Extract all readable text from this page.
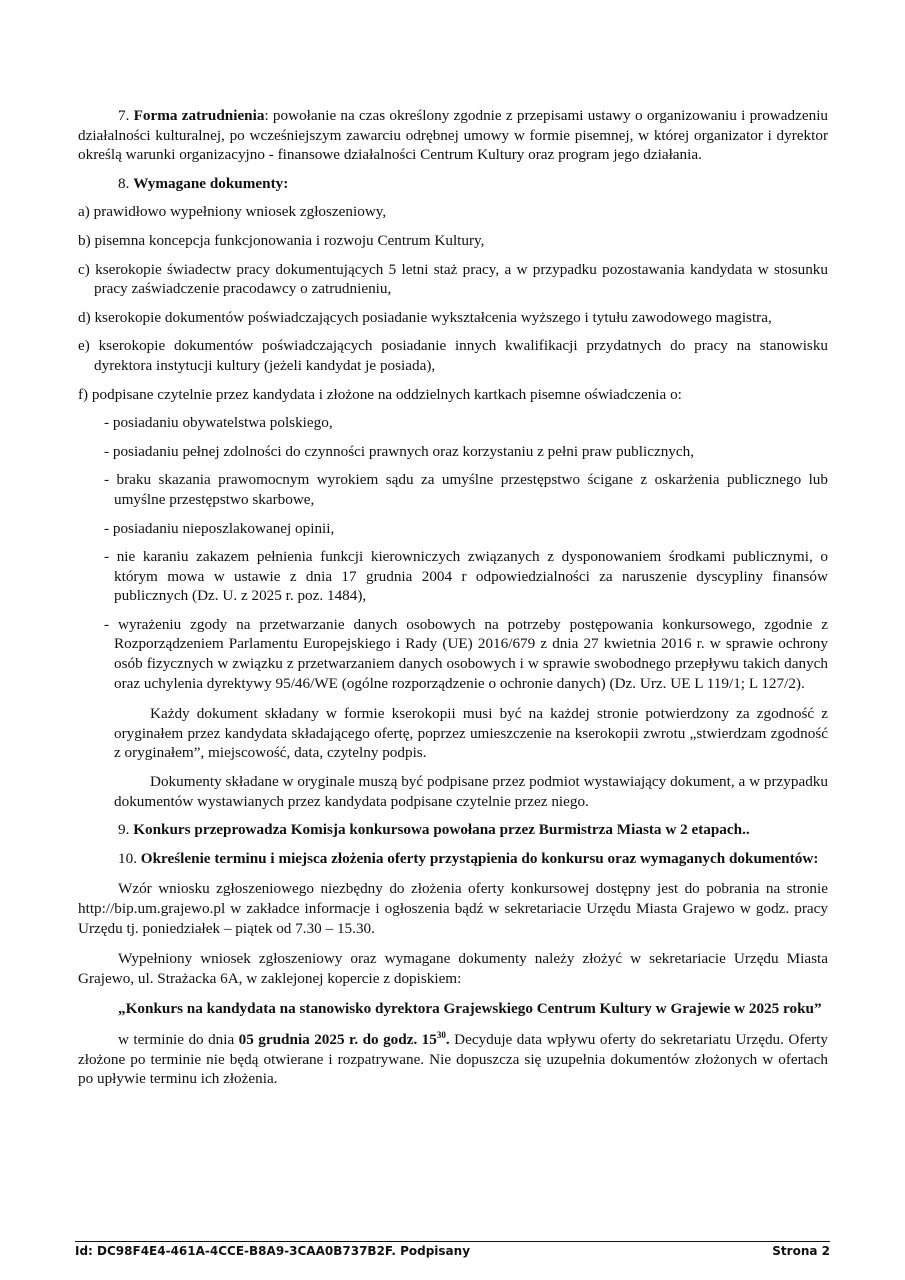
7. Forma zatrudnienia: powołanie na czas określony zgodnie z przepisami ustawy o organizowaniu i prowadzeniu działalności kulturalnej, po wcześniejszym zawarciu odrębnej umowy w formie pisemnej, w której organizator i dyrektor określą warunki organizacyjno - finansowe działalności Centrum Kultury oraz program jego działania.

8. Wymagane dokumenty:

a) prawidłowo wypełniony wniosek zgłoszeniowy,

b) pisemna koncepcja funkcjonowania i rozwoju Centrum Kultury,

c) kserokopie świadectw pracy dokumentujących 5 letni staż pracy, a w przypadku pozostawania kandydata w stosunku pracy zaświadczenie pracodawcy o zatrudnieniu,

d) kserokopie dokumentów poświadczających posiadanie wykształcenia wyższego i tytułu zawodowego magistra,

e) kserokopie dokumentów poświadczających posiadanie innych kwalifikacji przydatnych do pracy na stanowisku dyrektora instytucji kultury (jeżeli kandydat je posiada),

f) podpisane czytelnie przez kandydata i złożone na oddzielnych kartkach pisemne oświadczenia o:

- posiadaniu obywatelstwa polskiego,

- posiadaniu pełnej zdolności do czynności prawnych oraz korzystaniu z pełni praw publicznych,

- braku skazania prawomocnym wyrokiem sądu za umyślne przestępstwo ścigane z oskarżenia publicznego lub umyślne przestępstwo skarbowe,

- posiadaniu nieposzlakowanej opinii,

- nie karaniu zakazem pełnienia funkcji kierowniczych związanych z dysponowaniem środkami publicznymi, o którym mowa w ustawie z dnia 17 grudnia 2004 r odpowiedzialności za naruszenie dyscypliny finansów publicznych (Dz. U. z 2025 r. poz. 1484),

- wyrażeniu zgody na przetwarzanie danych osobowych na potrzeby postępowania konkursowego, zgodnie z Rozporządzeniem Parlamentu Europejskiego i Rady (UE) 2016/679 z dnia 27 kwietnia 2016 r. w sprawie ochrony osób fizycznych w związku z przetwarzaniem danych osobowych i w sprawie swobodnego przepływu takich danych oraz uchylenia dyrektywy 95/46/WE (ogólne rozporządzenie o ochronie danych) (Dz. Urz. UE L 119/1; L 127/2).

Każdy dokument składany w formie kserokopii musi być na każdej stronie potwierdzony za zgodność z oryginałem przez kandydata składającego ofertę, poprzez umieszczenie na kserokopii zwrotu „stwierdzam zgodność z oryginałem”, miejscowość, data, czytelny podpis.

Dokumenty składane w oryginale muszą być podpisane przez podmiot wystawiający dokument, a w przypadku dokumentów wystawianych przez kandydata podpisane czytelnie przez niego.

9. Konkurs przeprowadza Komisja konkursowa powołana przez Burmistrza Miasta w 2 etapach..

10. Określenie terminu i miejsca złożenia oferty przystąpienia do konkursu oraz wymaganych dokumentów:

Wzór wniosku zgłoszeniowego niezbędny do złożenia oferty konkursowej dostępny jest do pobrania na stronie http://bip.um.grajewo.pl w zakładce informacje i ogłoszenia bądź w sekretariacie Urzędu Miasta Grajewo w godz. pracy Urzędu tj. poniedziałek – piątek od 7.30 – 15.30.

Wypełniony wniosek zgłoszeniowy oraz wymagane dokumenty należy złożyć w sekretariacie Urzędu Miasta Grajewo, ul. Strażacka 6A, w zaklejonej kopercie z dopiskiem:

„Konkurs na kandydata na stanowisko dyrektora Grajewskiego Centrum Kultury w Grajewie w 2025 roku”

w terminie do dnia 05 grudnia 2025 r. do godz. $15^{30}$. Decyduje data wpływu oferty do sekretariatu Urzędu. Oferty złożone po terminie nie będą otwierane i rozpatrywane. Nie dopuszcza się uzupełnia dokumentów złożonych w ofertach po upływie terminu ich złożenia.

Id: DC98F4E4-461A-4CCE-B8A9-3CAA0B737B2F. Podpisany	Strona 2
